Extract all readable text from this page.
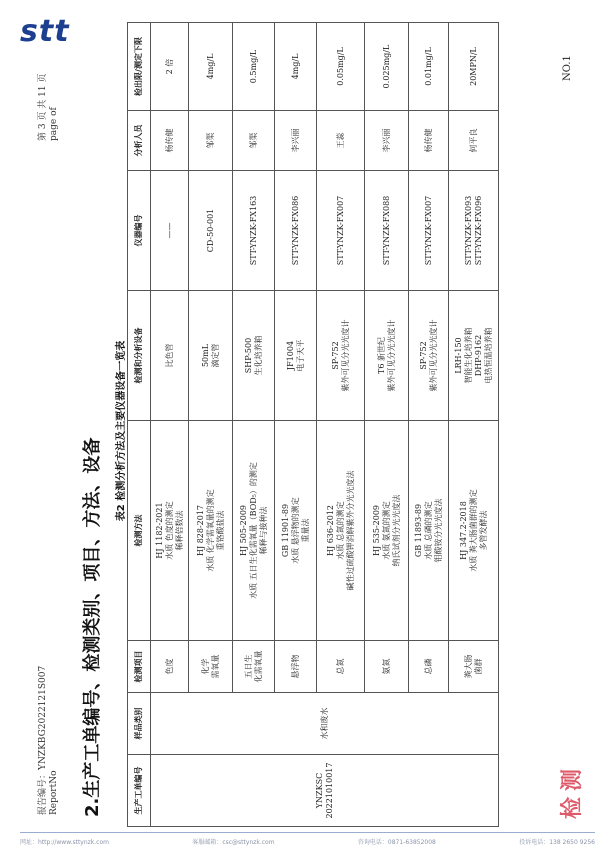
stt
报告编号：YNZKBG2022121S007 ReportNo
第 3 页 共 11 页 page of
NO.1
2.生产工单编号、检测类别、项目、方法、设备
表2 检测分析方法及主要仪器设备一览表
生产工单编号	样品类别	检测项目	检测方法	检测和分析设备	仪器编号	分析人员	检出限/测定下限

YNZKSC 20221010017	水和废水	色度	HJ 1182-2021 水质 色度的测定 稀释倍数法	比色管	——	杨传健	2 倍

		化学 需氧量	HJ 828-2017 水质 化学需氧量的测定 重铬酸盐法	50mL 滴定管	CD-50-001	邹渠	4mg/L

		五日生 化需氧量	HJ 505-2009 水质 五日生化需氧量（BOD₅）的测定 稀释与接种法	SHP-500 生化培养箱	STT-YNZK-FX163	邹渠	0.5mg/L

		悬浮物	GB 11901-89 水质 悬浮物的测定 重量法	JF1004 电子天平	STT-YNZK-FX086	李兴丽	4mg/L

		总氮	HJ 636-2012 水质 总氮的测定 碱性过硫酸钾消解紫外分光光度法	SP-752 紫外可见分光光度计	STT-YNZK-FX007	王蕊	0.05mg/L

		氨氮	HJ 535-2009 水质 氨氮的测定 纳氏试剂分光光度法	T6 新世纪 紫外可见分光光度计	STT-YNZK-FX088	李兴丽	0.025mg/L

		总磷	GB 11893-89 水质 总磷的测定 钼酸铵分光光度法	SP-752 紫外可见分光光度计	STT-YNZK-FX007	杨传健	0.01mg/L

		粪大肠 菌群	HJ 347.2-2018 水质 粪大肠菌群的测定 多管发酵法	LRH-150 智能生化培养箱 DHP-9162 电热恒温培养箱	STT-YNZK-FX093 STT-YNZK-FX096	何平良	20MPN/L
检测
网址：http://www.sttynzk.com	客服邮箱：csc@sttynzk.com	咨询电话：0871-63852008	投诉电话：138 2650 9256
